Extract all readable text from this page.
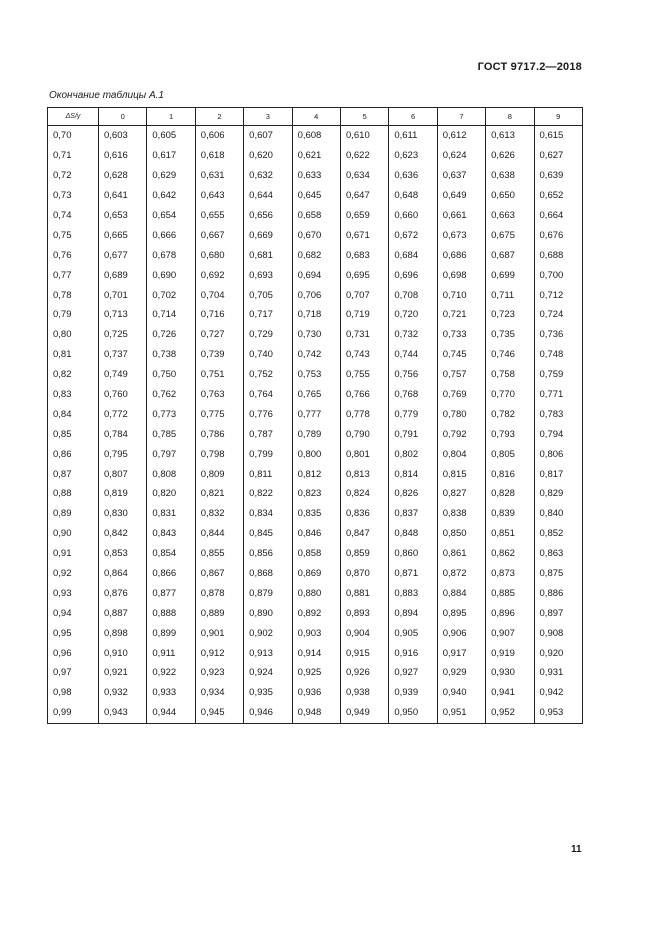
ГОСТ 9717.2—2018
Окончание таблицы А.1
ΔS/γ	0	1	2	3	4	5	6	7	8	9
0,70	0,603	0,605	0,606	0,607	0,608	0,610	0,611	0,612	0,613	0,615
0,71	0,616	0,617	0,618	0,620	0,621	0,622	0,623	0,624	0,626	0,627
0,72	0,628	0,629	0,631	0,632	0,633	0,634	0,636	0,637	0,638	0,639
0,73	0,641	0,642	0,643	0,644	0,645	0,647	0,648	0,649	0,650	0,652
0,74	0,653	0,654	0,655	0,656	0,658	0,659	0,660	0,661	0,663	0,664
0,75	0,665	0,666	0,667	0,669	0,670	0,671	0,672	0,673	0,675	0,676
0,76	0,677	0,678	0,680	0,681	0,682	0,683	0,684	0,686	0,687	0,688
0,77	0,689	0,690	0,692	0,693	0,694	0,695	0,696	0,698	0,699	0,700
0,78	0,701	0,702	0,704	0,705	0,706	0,707	0,708	0,710	0,711	0,712
0,79	0,713	0,714	0,716	0,717	0,718	0,719	0,720	0,721	0,723	0,724
0,80	0,725	0,726	0,727	0,729	0,730	0,731	0,732	0,733	0,735	0,736
0,81	0,737	0,738	0,739	0,740	0,742	0,743	0,744	0,745	0,746	0,748
0,82	0,749	0,750	0,751	0,752	0,753	0,755	0,756	0,757	0,758	0,759
0,83	0,760	0,762	0,763	0,764	0,765	0,766	0,768	0,769	0,770	0,771
0,84	0,772	0,773	0,775	0,776	0,777	0,778	0,779	0,780	0,782	0,783
0,85	0,784	0,785	0,786	0,787	0,789	0,790	0,791	0,792	0,793	0,794
0,86	0,795	0,797	0,798	0,799	0,800	0,801	0,802	0,804	0,805	0,806
0,87	0,807	0,808	0,809	0,811	0,812	0,813	0,814	0,815	0,816	0,817
0,88	0,819	0,820	0,821	0,822	0,823	0,824	0,826	0,827	0,828	0,829
0,89	0,830	0,831	0,832	0,834	0,835	0,836	0,837	0,838	0,839	0,840
0,90	0,842	0,843	0,844	0,845	0,846	0,847	0,848	0,850	0,851	0,852
0,91	0,853	0,854	0,855	0,856	0,858	0,859	0,860	0,861	0,862	0,863
0,92	0,864	0,866	0,867	0,868	0,869	0,870	0,871	0,872	0,873	0,875
0,93	0,876	0,877	0,878	0,879	0,880	0,881	0,883	0,884	0,885	0,886
0,94	0,887	0,888	0,889	0,890	0,892	0,893	0,894	0,895	0,896	0,897
0,95	0,898	0,899	0,901	0,902	0,903	0,904	0,905	0,906	0,907	0,908
0,96	0,910	0,911	0,912	0,913	0,914	0,915	0,916	0,917	0,919	0,920
0,97	0,921	0,922	0,923	0,924	0,925	0,926	0,927	0,929	0,930	0,931
0,98	0,932	0,933	0,934	0,935	0,936	0,938	0,939	0,940	0,941	0,942
0,99	0,943	0,944	0,945	0,946	0,948	0,949	0,950	0,951	0,952	0,953
11
